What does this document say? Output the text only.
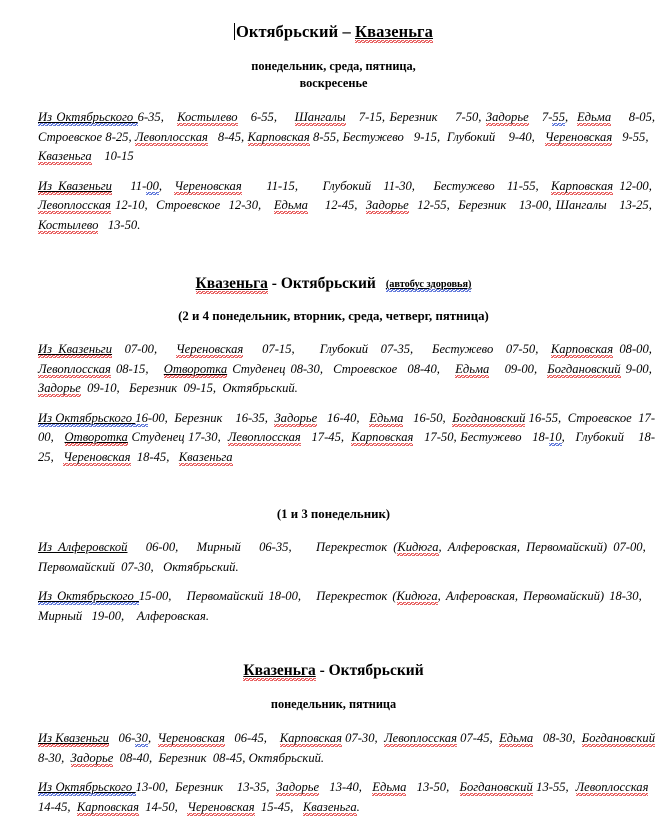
Октябрьский – Квазеньга
понедельник, среда, пятница,
воскресенье

Из Октябрьского 6-35,   Костылево   6-55,    Шангалы   7-15, Березник    7-50, Задорье   7-55,  Едьма    8-05, Строевское 8-25, Левоплосская   8-45, Карповская 8-55, Бестужево   9-15,  Глубокий    9-40,   Череновская   9-55,   Квазеньга    10-15

Из Квазеньги   11-00,  Череновская    11-15,    Глубокий  11-30,   Бестужево  11-55,  Карповская 12-00,  Левоплосская 12-10,  Строевское  12-30,   Едьма    12-45,  Задорье  12-55,  Березник   13-00, Шангалы   13-25,  Костылево   13-50.

Квазеньга - Октябрьский (автобус здоровья)
(2 и 4 понедельник, вторник, среда, четверг, пятница)

Из Квазеньги  07-00,   Череновская   07-15,    Глубокий  07-35,   Бестужево  07-50,  Карповская 08-00,  Левоплосская 08-15,   Отворотка Студенец 08-30,  Строевское  08-40,   Едьма   09-00,  Богдановский 9-00,  Задорье  09-10,   Березник  09-15,  Октябрьский.

Из Октябрьского 16-00,  Березник    16-35,  Задорье   16-40,   Едьма   16-50,  Богдановский 16-55,  Строевское  17-00,   Отворотка Студенец 17-30,  Левоплосская   17-45,  Карповская   17-50, Бестужево   18-10,   Глубокий    18-25,   Череновская  18-45,   Квазеньга

(1 и 3 понедельник)

Из Алферовской   06-00,   Мирный   06-35,    Перекресток (Кидюга, Алферовская, Первомайский) 07-00,   Первомайский  07-30,   Октябрьский.

Из Октябрьского 15-00,   Первомайский 18-00,   Перекресток (Кидюга, Алферовская, Первомайский) 18-30,    Мирный   19-00,    Алферовская.

Квазеньга - Октябрьский
понедельник, пятница

Из Квазеньги   06-30,  Череновская   06-45,    Карповская 07-30,  Левоплосская 07-45,  Едьма   08-30,  Богдановский 8-30,  Задорье  08-40,  Березник  08-45, Октябрьский.

Из Октябрьского 13-00,  Березник    13-35,  Задорье   13-40,   Едьма   13-50,   Богдановский 13-55,  Левоплосская   14-45,  Карповская  14-50,   Череновская  15-45,   Квазеньга.
